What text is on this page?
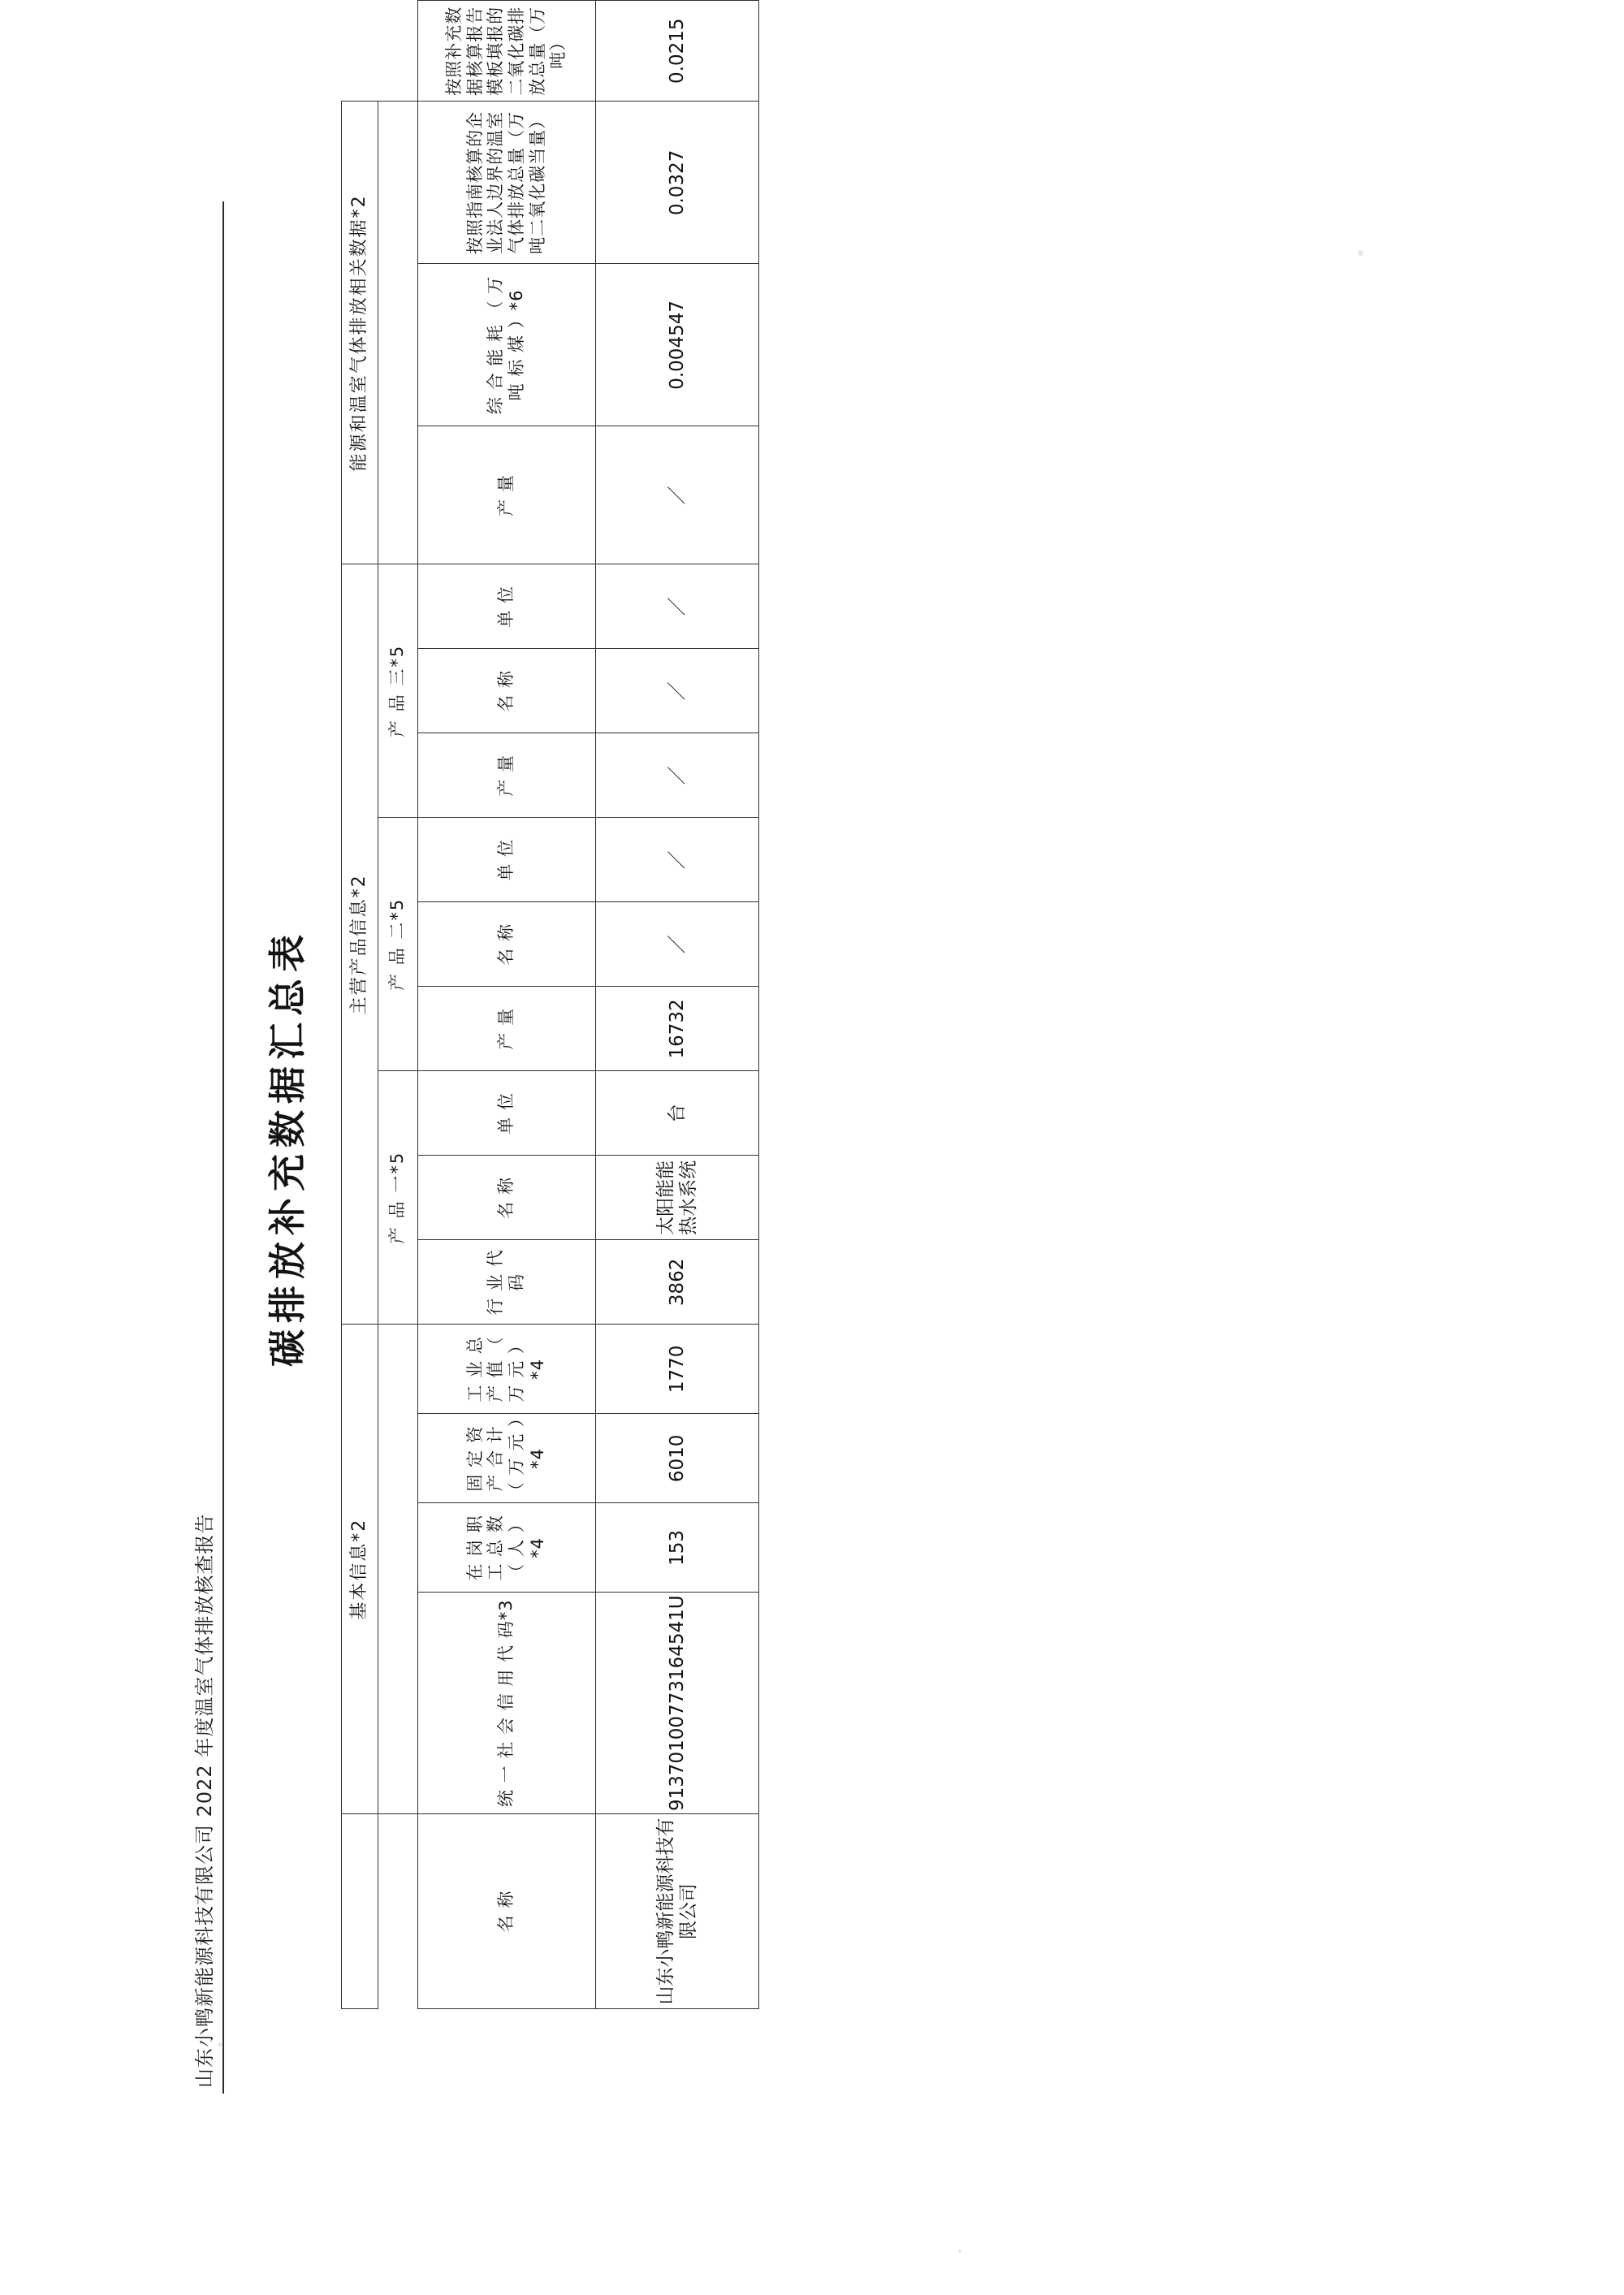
山东小鸭新能源科技有限公司 2022 年度温室气体排放核查报告
碳排放补充数据汇总表
	基本信息*2				主营产品信息*2									能源和温室气体排放相关数据*2			
					产 品 一*5			产 品 二*5			产 品 三*5						
名 称	统 一 社 会 信 用 代 码*3	在 岗 职 工 总 数 （ 人 ）*4	固 定 资 产 合 计 （ 万 元 ）*4	工 业 总 产 值 （ 万 元 ）*4	行 业 代 码	名 称	单 位	产 量	名 称	单 位	产 量	名 称	单 位	产 量	综 合 能 耗 （ 万 吨 标 煤 ）*6	按照指南核算的企业法人边界的温室气体排放总量（万吨二氧化碳当量）	按照补充数据核算报告模板填报的二氧化碳排放总量（万吨）
山东小鸭新能源科技有限公司	91370100773164541U	153	6010	1770	3862	太阳能能热水系统	台	16732	／	／	／	／	／	／	0.004547	0.0327	0.0215
